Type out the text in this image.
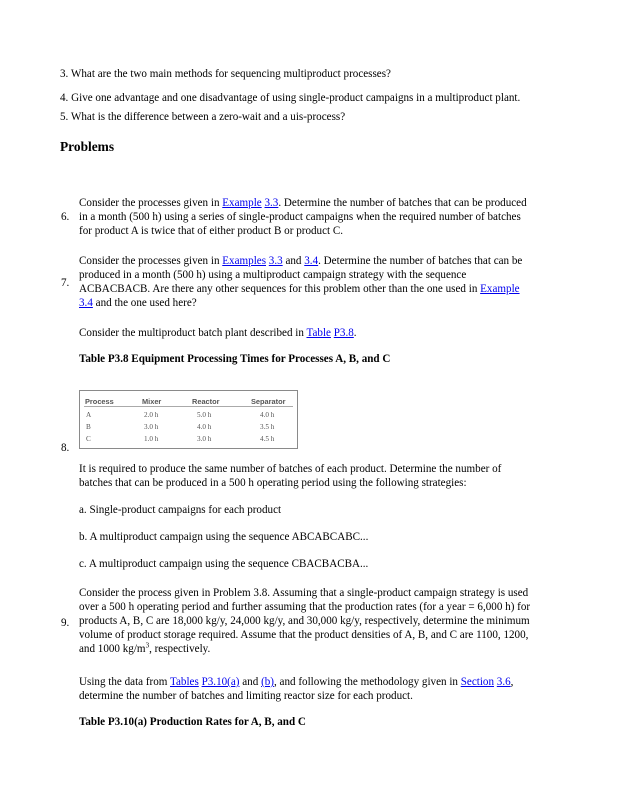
3. What are the two main methods for sequencing multiproduct processes?
4. Give one advantage and one disadvantage of using single-product campaigns in a multiproduct plant.
5. What is the difference between a zero-wait and a uis-process?
Problems
6.
Consider the processes given in Example 3.3. Determine the number of batches that can be produced
in a month (500 h) using a series of single-product campaigns when the required number of batches
for product A is twice that of either product B or product C.
7.
Consider the processes given in Examples 3.3 and 3.4. Determine the number of batches that can be
produced in a month (500 h) using a multiproduct campaign strategy with the sequence
ACBACBACB. Are there any other sequences for this problem other than the one used in Example
3.4 and the one used here?
Consider the multiproduct batch plant described in Table P3.8.
Table P3.8 Equipment Processing Times for Processes A, B, and C
Process	Mixer	Reactor	Separator
A	2.0 h	5.0 h	4.0 h
B	3.0 h	4.0 h	3.5 h
C	1.0 h	3.0 h	4.5 h
8.
It is required to produce the same number of batches of each product. Determine the number of
batches that can be produced in a 500 h operating period using the following strategies:
a. Single-product campaigns for each product
b. A multiproduct campaign using the sequence ABCABCABC...
c. A multiproduct campaign using the sequence CBACBACBA...
9.
Consider the process given in Problem 3.8. Assuming that a single-product campaign strategy is used
over a 500 h operating period and further assuming that the production rates (for a year = 6,000 h) for
products A, B, C are 18,000 kg/y, 24,000 kg/y, and 30,000 kg/y, respectively, determine the minimum
volume of product storage required. Assume that the product densities of A, B, and C are 1100, 1200,
and 1000 $kg/m^3$, respectively.
Using the data from Tables P3.10(a) and (b), and following the methodology given in Section 3.6,
determine the number of batches and limiting reactor size for each product.
Table P3.10(a) Production Rates for A, B, and C
